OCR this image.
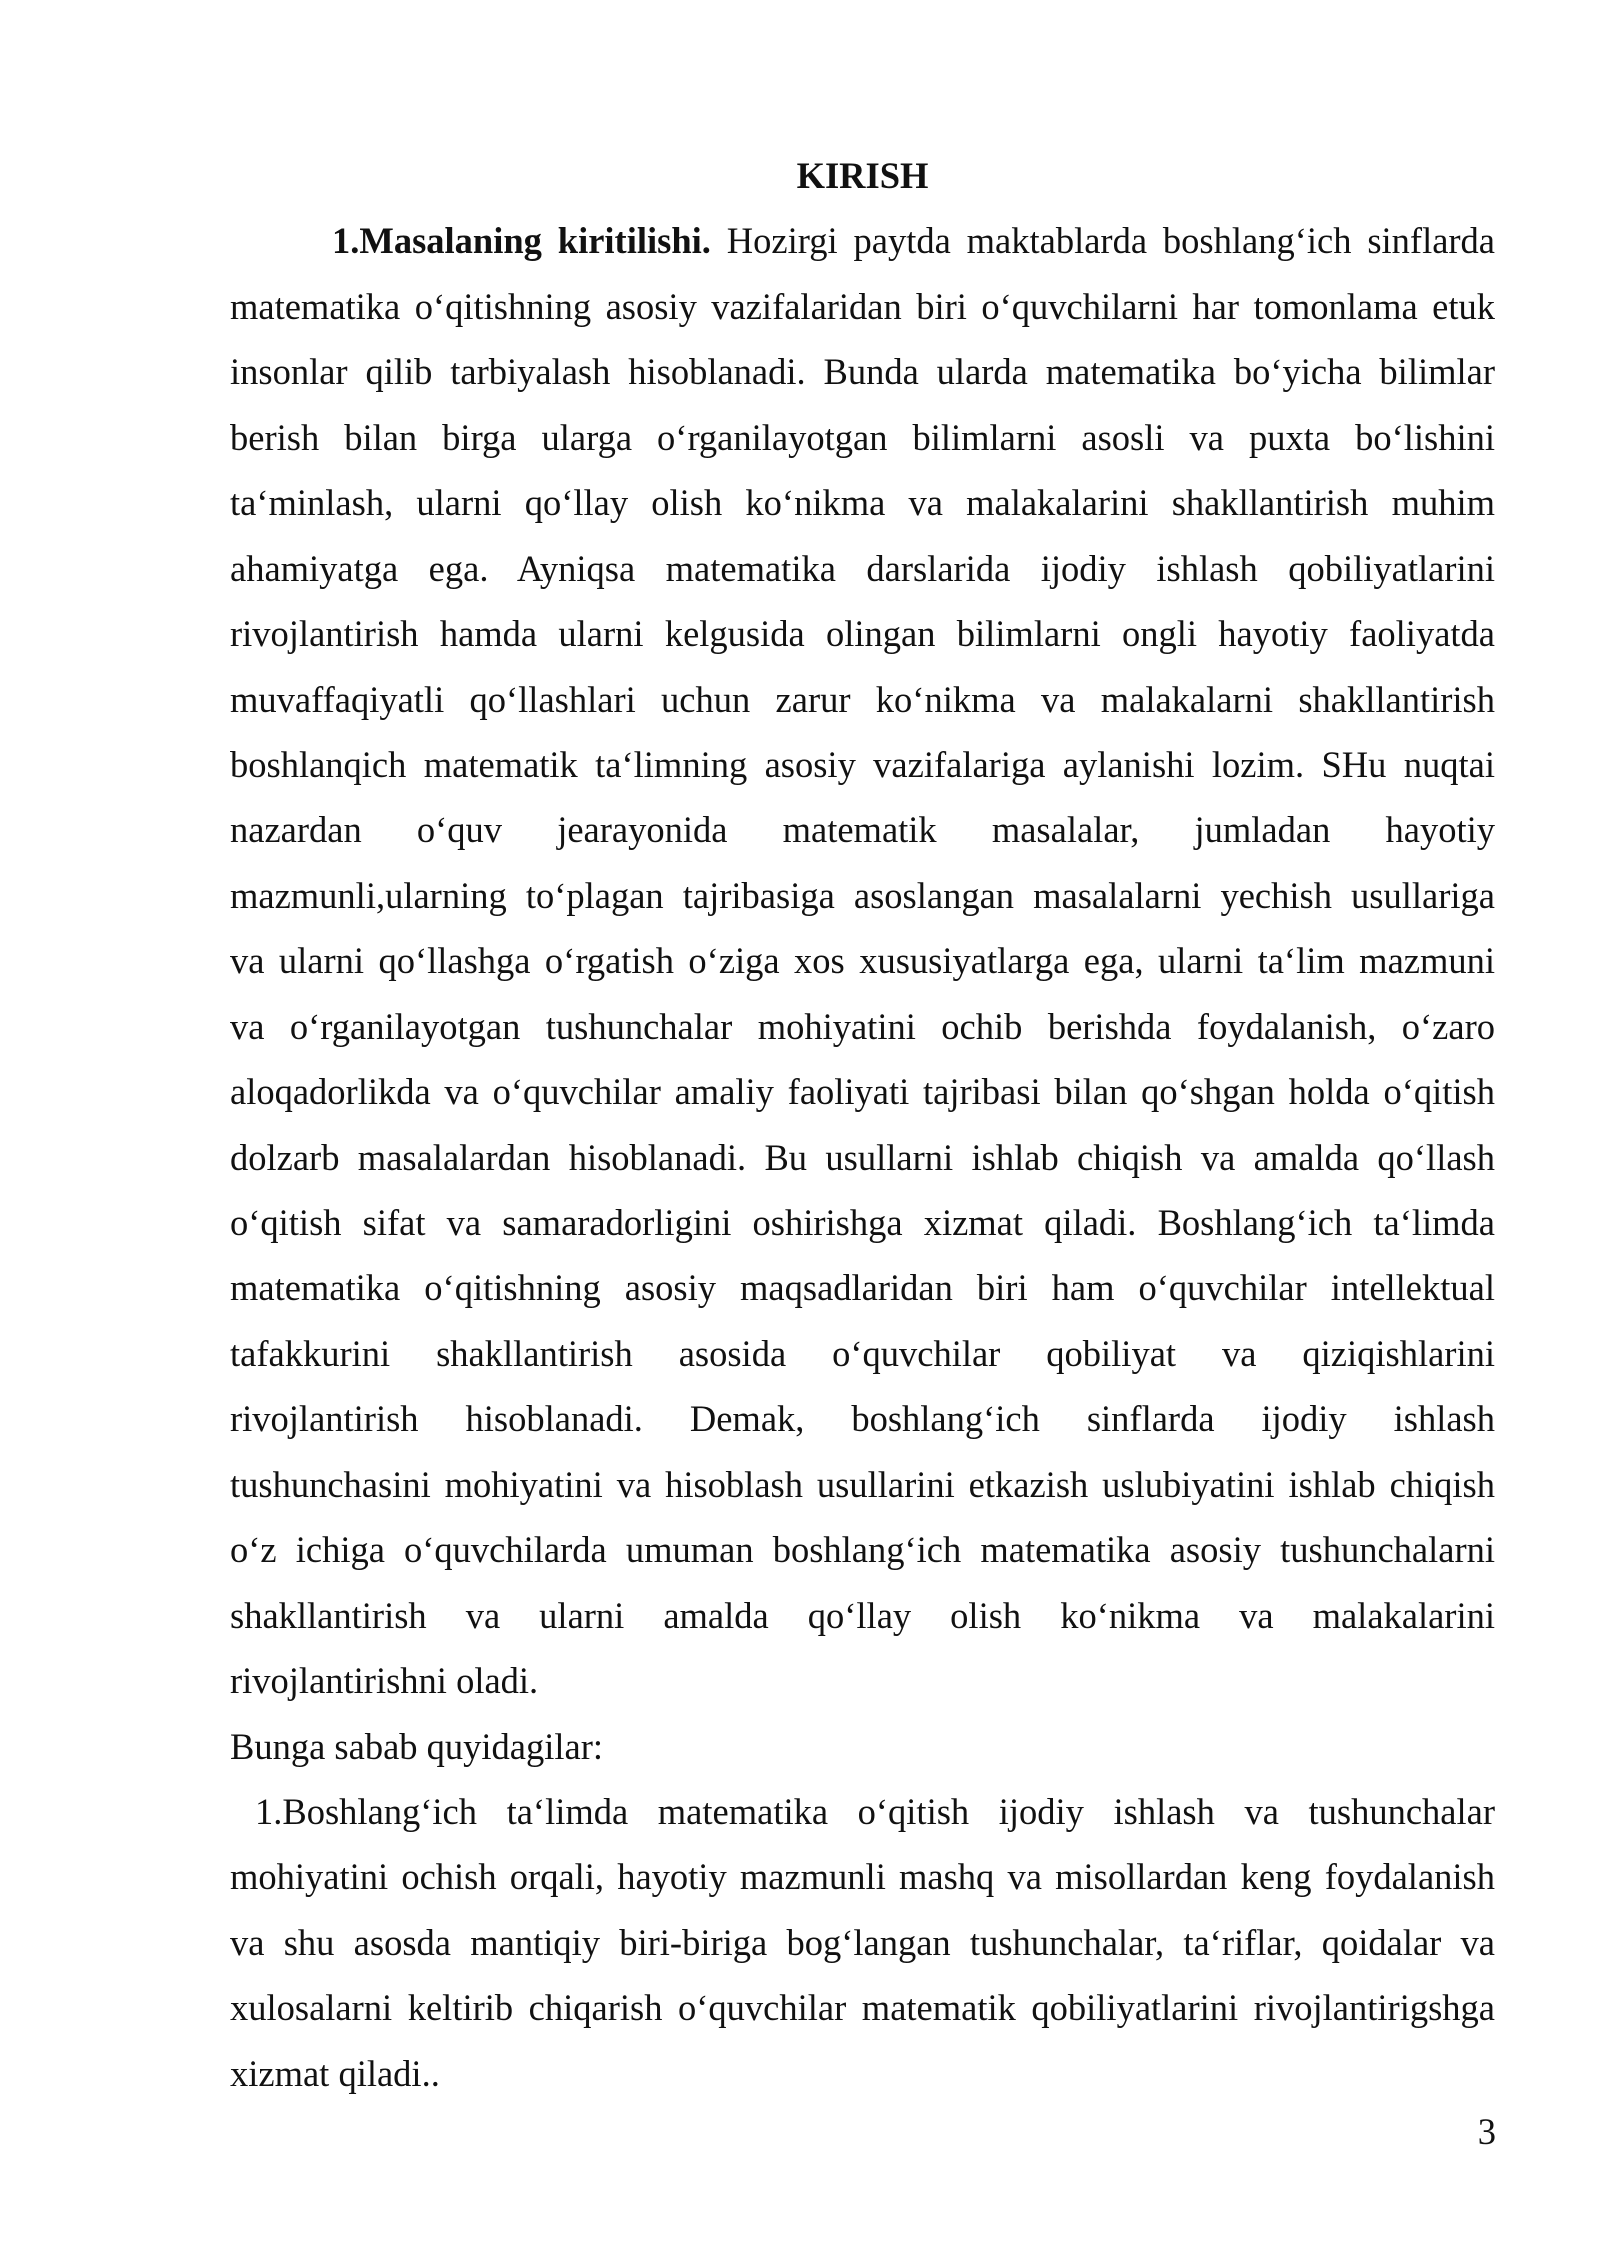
KIRISH
1.Masalaning kiritilishi. Hozirgi paytda maktablarda boshlang‘ich sinflarda
matematika o‘qitishning asosiy vazifalaridan biri o‘quvchilarni har tomonlama etuk
insonlar qilib tarbiyalash hisoblanadi. Bunda ularda matematika bo‘yicha bilimlar
berish bilan birga ularga o‘rganilayotgan bilimlarni asosli va puxta bo‘lishini
ta‘minlash, ularni qo‘llay olish ko‘nikma va malakalarini shakllantirish muhim
ahamiyatga ega. Ayniqsa matematika darslarida ijodiy ishlash qobiliyatlarini
rivojlantirish hamda ularni kelgusida olingan bilimlarni ongli hayotiy faoliyatda
muvaffaqiyatli qo‘llashlari uchun zarur ko‘nikma va malakalarni shakllantirish
boshlanqich matematik ta‘limning asosiy vazifalariga aylanishi lozim. SHu nuqtai
nazardan o‘quv jearayonida matematik masalalar, jumladan hayotiy
mazmunli,ularning to‘plagan tajribasiga asoslangan masalalarni yechish usullariga
va ularni qo‘llashga o‘rgatish o‘ziga xos xususiyatlarga ega, ularni ta‘lim mazmuni
va o‘rganilayotgan tushunchalar mohiyatini ochib berishda foydalanish, o‘zaro
aloqadorlikda va o‘quvchilar amaliy faoliyati tajribasi bilan qo‘shgan holda o‘qitish
dolzarb masalalardan hisoblanadi. Bu usullarni ishlab chiqish va amalda qo‘llash
o‘qitish sifat va samaradorligini oshirishga xizmat qiladi. Boshlang‘ich ta‘limda
matematika o‘qitishning asosiy maqsadlaridan biri ham o‘quvchilar intellektual
tafakkurini shakllantirish asosida o‘quvchilar qobiliyat va qiziqishlarini
rivojlantirish hisoblanadi. Demak, boshlang‘ich sinflarda ijodiy ishlash
tushunchasini mohiyatini va hisoblash usullarini etkazish uslubiyatini ishlab chiqish
o‘z ichiga o‘quvchilarda umuman boshlang‘ich matematika asosiy tushunchalarni
shakllantirish va ularni amalda qo‘llay olish ko‘nikma va malakalarini
rivojlantirishni oladi.
Bunga sabab quyidagilar:
1.Boshlang‘ich ta‘limda matematika o‘qitish ijodiy ishlash va tushunchalar
mohiyatini ochish orqali, hayotiy mazmunli mashq va misollardan keng foydalanish
va shu asosda mantiqiy biri-biriga bog‘langan tushunchalar, ta‘riflar, qoidalar va
xulosalarni keltirib chiqarish o‘quvchilar matematik qobiliyatlarini rivojlantirigshga
xizmat qiladi..
3
